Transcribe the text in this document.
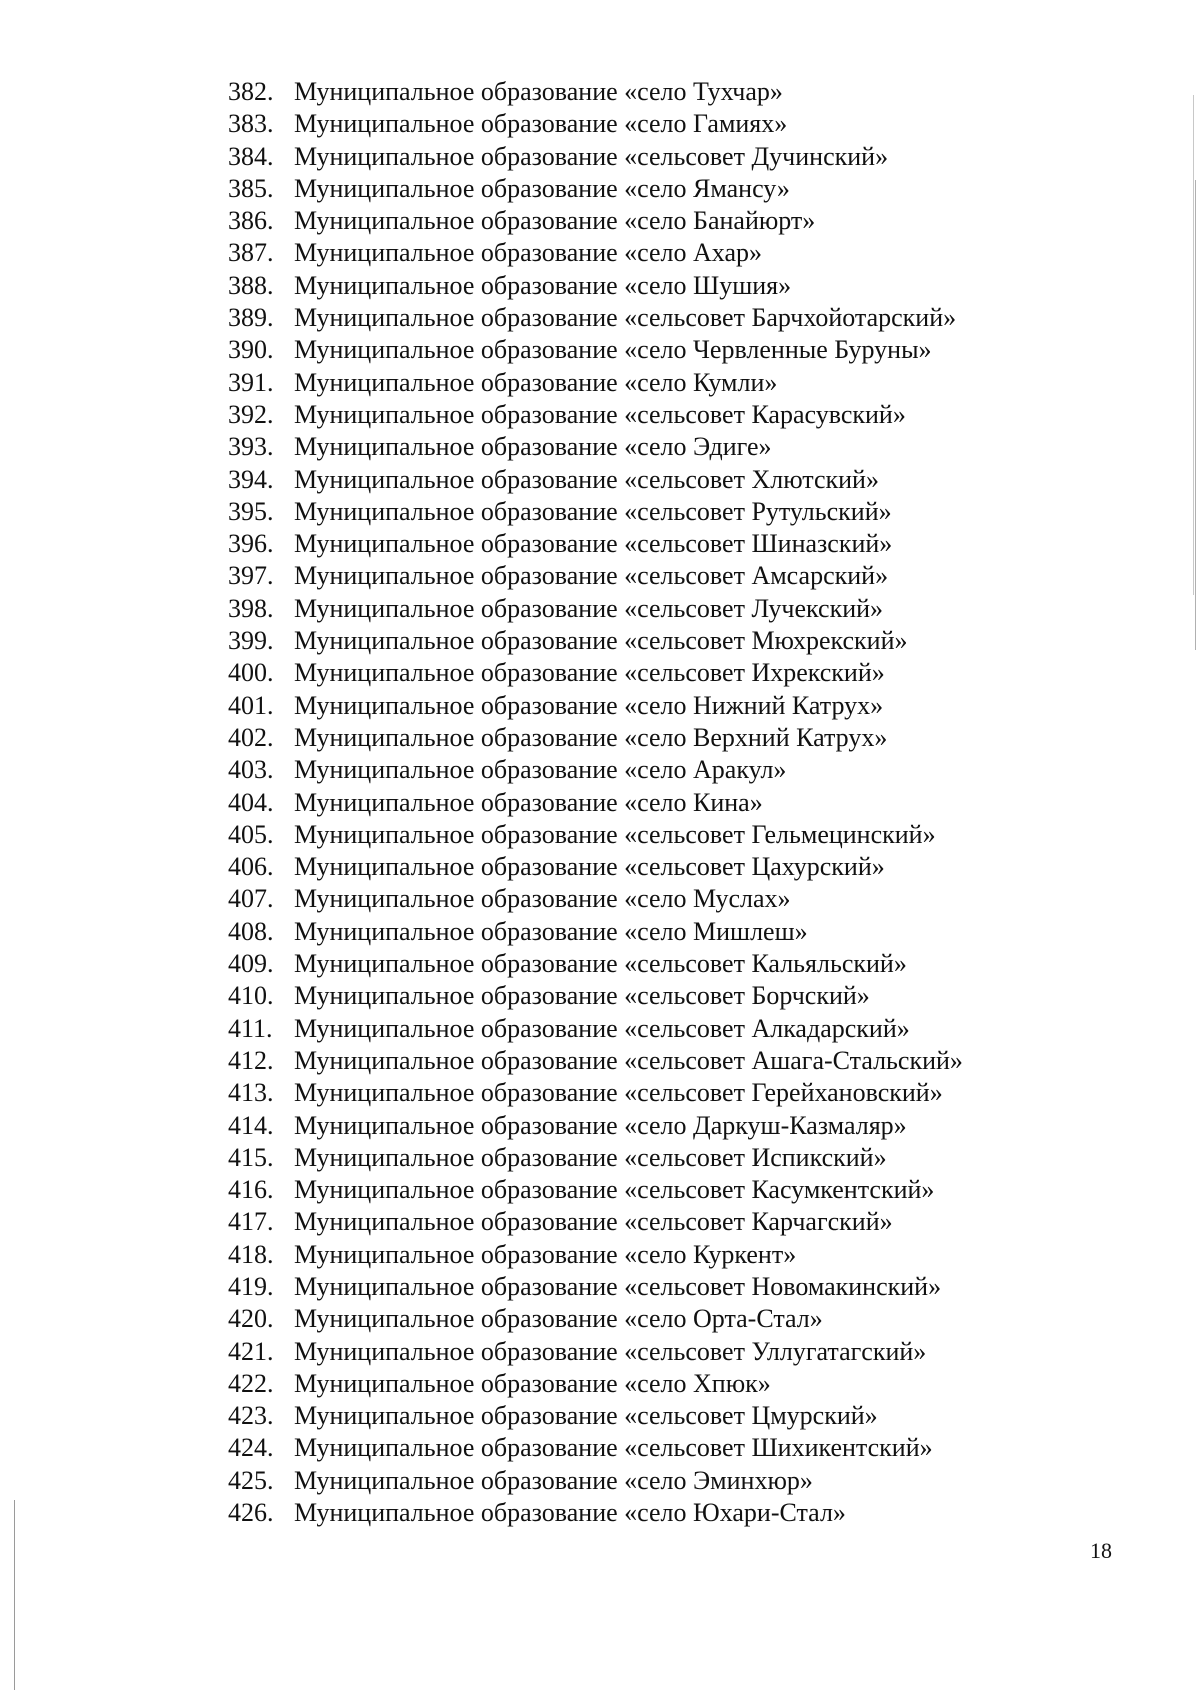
382. Муниципальное образование «село Тухчар»
383. Муниципальное образование «село Гамиях»
384. Муниципальное образование «сельсовет Дучинский»
385. Муниципальное образование «село Ямансу»
386. Муниципальное образование «село Банайюрт»
387. Муниципальное образование «село Ахар»
388. Муниципальное образование «село Шушия»
389. Муниципальное образование «сельсовет Барчхойотарский»
390. Муниципальное образование «село Червленные Буруны»
391. Муниципальное образование «село Кумли»
392. Муниципальное образование «сельсовет Карасувский»
393. Муниципальное образование «село Эдиге»
394. Муниципальное образование «сельсовет Хлютский»
395. Муниципальное образование «сельсовет Рутульский»
396. Муниципальное образование «сельсовет Шиназский»
397. Муниципальное образование «сельсовет Амсарский»
398. Муниципальное образование «сельсовет Лучекский»
399. Муниципальное образование «сельсовет Мюхрекский»
400. Муниципальное образование «сельсовет Ихрекский»
401. Муниципальное образование «село Нижний Катрух»
402. Муниципальное образование «село Верхний Катрух»
403. Муниципальное образование «село Аракул»
404. Муниципальное образование «село Кина»
405. Муниципальное образование «сельсовет Гельмецинский»
406. Муниципальное образование «сельсовет Цахурский»
407. Муниципальное образование «село Муслах»
408. Муниципальное образование «село Мишлеш»
409. Муниципальное образование «сельсовет Кальяльский»
410. Муниципальное образование «сельсовет Борчский»
411. Муниципальное образование «сельсовет Алкадарский»
412. Муниципальное образование «сельсовет Ашага-Стальский»
413. Муниципальное образование «сельсовет Герейхановский»
414. Муниципальное образование «село Даркуш-Казмаляр»
415. Муниципальное образование «сельсовет Испикский»
416. Муниципальное образование «сельсовет Касумкентский»
417. Муниципальное образование «сельсовет Карчагский»
418. Муниципальное образование «село Куркент»
419. Муниципальное образование «сельсовет Новомакинский»
420. Муниципальное образование «село Орта-Стал»
421. Муниципальное образование «сельсовет Уллугатагский»
422. Муниципальное образование «село Хпюк»
423. Муниципальное образование «сельсовет Цмурский»
424. Муниципальное образование «сельсовет Шихикентский»
425. Муниципальное образование «село Эминхюр»
426. Муниципальное образование «село Юхари-Стал»
18
